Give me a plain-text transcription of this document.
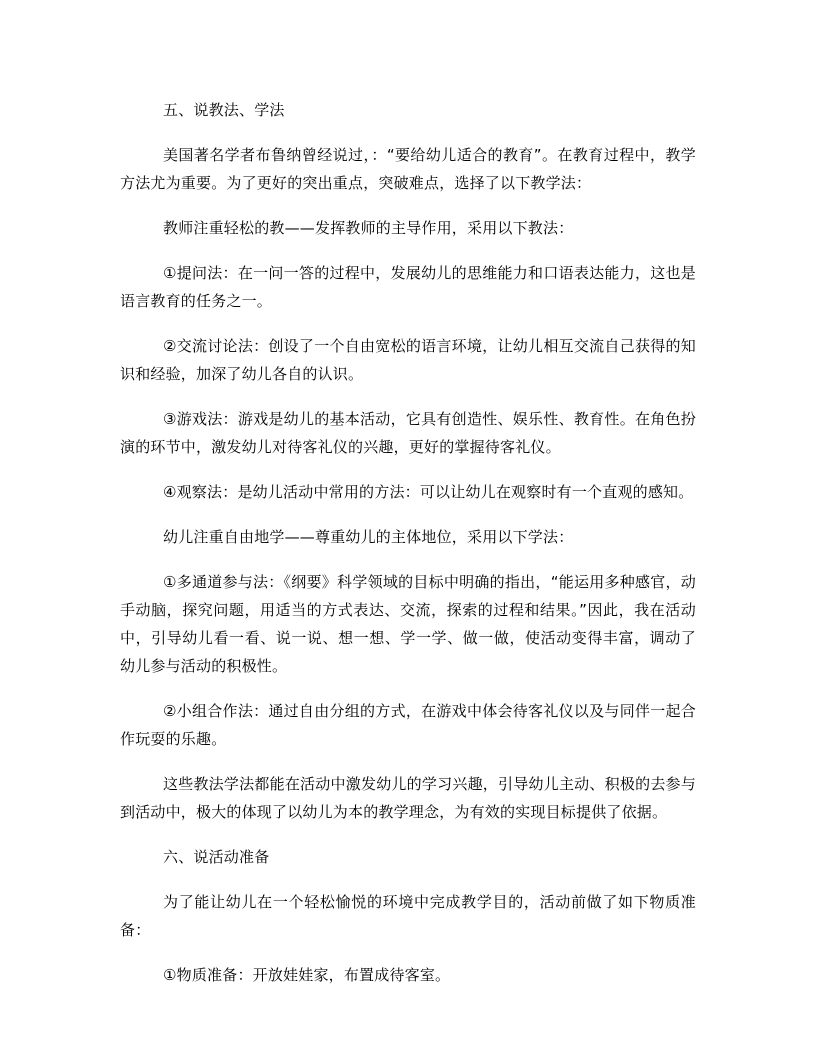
五、说教法、学法

美国著名学者布鲁纳曾经说过，：“要给幼儿适合的教育”。在教育过程中，教学方法尤为重要。为了更好的突出重点，突破难点，选择了以下教学法：

教师注重轻松的教——发挥教师的主导作用，采用以下教法：

①提问法：在一问一答的过程中，发展幼儿的思维能力和口语表达能力，这也是语言教育的任务之一。

②交流讨论法：创设了一个自由宽松的语言环境，让幼儿相互交流自己获得的知识和经验，加深了幼儿各自的认识。

③游戏法：游戏是幼儿的基本活动，它具有创造性、娱乐性、教育性。在角色扮演的环节中，激发幼儿对待客礼仪的兴趣，更好的掌握待客礼仪。

④观察法：是幼儿活动中常用的方法：可以让幼儿在观察时有一个直观的感知。

幼儿注重自由地学——尊重幼儿的主体地位，采用以下学法：

①多通道参与法：《纲要》科学领域的目标中明确的指出，“能运用多种感官，动手动脑，探究问题，用适当的方式表达、交流，探索的过程和结果。”因此，我在活动中，引导幼儿看一看、说一说、想一想、学一学、做一做，使活动变得丰富，调动了幼儿参与活动的积极性。

②小组合作法：通过自由分组的方式，在游戏中体会待客礼仪以及与同伴一起合作玩耍的乐趣。

这些教法学法都能在活动中激发幼儿的学习兴趣，引导幼儿主动、积极的去参与到活动中，极大的体现了以幼儿为本的教学理念，为有效的实现目标提供了依据。

六、说活动准备

为了能让幼儿在一个轻松愉悦的环境中完成教学目的，活动前做了如下物质准备：

①物质准备：开放娃娃家，布置成待客室。
